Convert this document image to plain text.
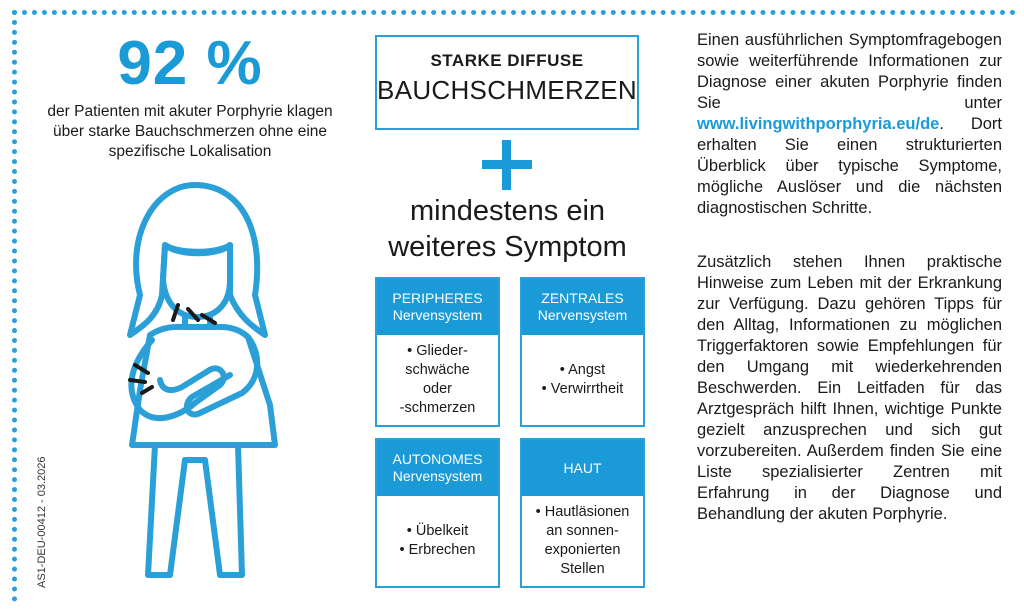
92 %
der Patienten mit akuter Porphyrie klagen über starke Bauchschmerzen ohne eine spezifische Lokalisation
AS1-DEU-00412 - 03.2026
STARKE DIFFUSE
BAUCHSCHMERZEN
mindestens ein
weiteres Symptom
PERIPHERES
Nervensystem
• Glieder-
schwäche
oder
-schmerzen
ZENTRALES
Nervensystem
• Angst
• Verwirrtheit
AUTONOMES
Nervensystem
• Übelkeit
• Erbrechen
HAUT
• Hautläsionen
an sonnen-
exponierten
Stellen
Einen ausführlichen Symptomfragebogen sowie weiterführende Informationen zur Diagnose einer akuten Porphyrie finden Sie unter www.livingwithporphyria.eu/de. Dort erhalten Sie einen strukturierten Überblick über typische Symptome, mögliche Auslöser und die nächsten diagnostischen Schritte.
Zusätzlich stehen Ihnen praktische Hinweise zum Leben mit der Erkrankung zur Verfügung. Dazu gehören Tipps für den Alltag, Informationen zu möglichen Triggerfaktoren sowie Empfehlungen für den Umgang mit wiederkehrenden Beschwerden. Ein Leitfaden für das Arztgespräch hilft Ihnen, wichtige Punkte gezielt anzusprechen und sich gut vorzubereiten. Außerdem finden Sie eine Liste spezialisierter Zentren mit Erfahrung in der Diagnose und Behandlung der akuten Porphyrie.
